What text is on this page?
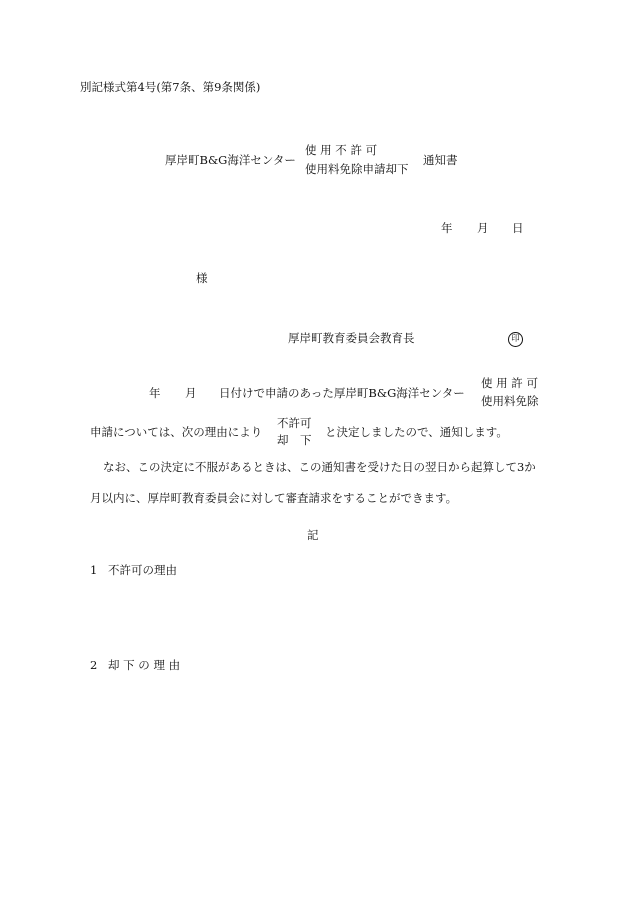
別記様式第4号(第7条、第9条関係)
厚岸町B&G海洋センター
使 用 不 許 可
使用料免除申請却下
通知書
年 月 日
様
厚岸町教育委員会教育長	印
年 月 日付けで申請のあった厚岸町B&G海洋センター
使 用 許 可
使用料免除
申請については、次の理由により
不許可
却　下
と決定しましたので、通知します。
なお、この決定に不服があるときは、この通知書を受けた日の翌日から起算して3か
月以内に、厚岸町教育委員会に対して審査請求をすることができます。
記
1 不許可の理由
2 却 下 の 理 由
